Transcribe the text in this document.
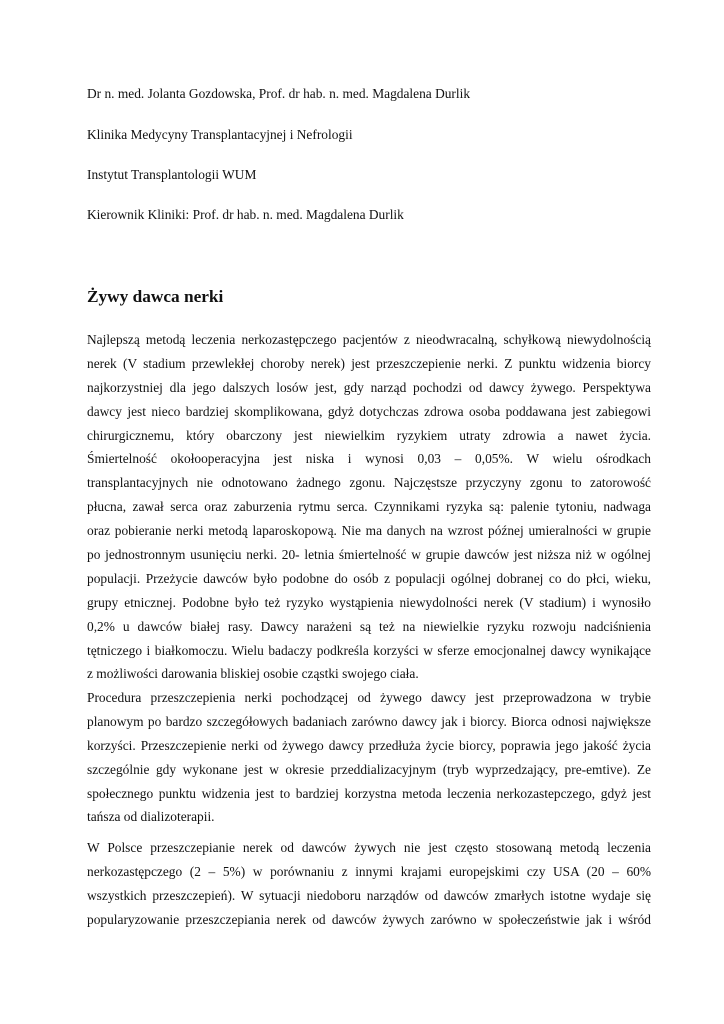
Dr n. med. Jolanta Gozdowska, Prof. dr hab. n. med. Magdalena Durlik

Klinika Medycyny Transplantacyjnej i Nefrologii

Instytut Transplantologii WUM

Kierownik Kliniki: Prof. dr hab. n. med. Magdalena Durlik

Żywy dawca nerki
Najlepszą metodą leczenia nerkozastępczego pacjentów z nieodwracalną, schyłkową niewydolnością
nerek (V stadium przewlekłej choroby nerek) jest przeszczepienie nerki. Z punktu widzenia biorcy
najkorzystniej dla jego dalszych losów jest, gdy narząd pochodzi od dawcy żywego. Perspektywa
dawcy jest nieco bardziej skomplikowana, gdyż dotychczas zdrowa osoba poddawana jest zabiegowi
chirurgicznemu, który obarczony jest niewielkim ryzykiem utraty zdrowia a nawet życia.
Śmiertelność okołooperacyjna jest niska i wynosi 0,03 – 0,05%. W wielu ośrodkach
transplantacyjnych nie odnotowano żadnego zgonu. Najczęstsze przyczyny zgonu to zatorowość
płucna, zawał serca oraz zaburzenia rytmu serca. Czynnikami ryzyka są: palenie tytoniu, nadwaga
oraz pobieranie nerki metodą laparoskopową. Nie ma danych na wzrost późnej umieralności w grupie
po jednostronnym usunięciu nerki. 20- letnia śmiertelność w grupie dawców jest niższa niż w ogólnej
populacji. Przeżycie dawców było podobne do osób z populacji ogólnej dobranej co do płci, wieku,
grupy etnicznej. Podobne było też ryzyko wystąpienia niewydolności nerek (V stadium) i wynosiło
0,2% u dawców białej rasy. Dawcy narażeni są też na niewielkie ryzyku rozwoju nadciśnienia
tętniczego i białkomoczu. Wielu badaczy podkreśla korzyści w sferze emocjonalnej dawcy wynikające
z możliwości darowania bliskiej osobie cząstki swojego ciała.
Procedura przeszczepienia nerki pochodzącej od żywego dawcy jest przeprowadzona w trybie
planowym po bardzo szczegółowych badaniach zarówno dawcy jak i biorcy. Biorca odnosi największe
korzyści. Przeszczepienie nerki od żywego dawcy przedłuża życie biorcy, poprawia jego jakość życia
szczególnie gdy wykonane jest w okresie przeddializacyjnym (tryb wyprzedzający, pre-emtive). Ze
społecznego punktu widzenia jest to bardziej korzystna metoda leczenia nerkozastepczego, gdyż jest
tańsza od dializoterapii.
W Polsce przeszczepianie nerek od dawców żywych nie jest często stosowaną metodą leczenia
nerkozastępczego (2 – 5%) w porównaniu z innymi krajami europejskimi czy USA (20 – 60%
wszystkich przeszczepień). W sytuacji niedoboru narządów od dawców zmarłych istotne wydaje się
popularyzowanie przeszczepiania nerek od dawców żywych zarówno w społeczeństwie jak i wśród
